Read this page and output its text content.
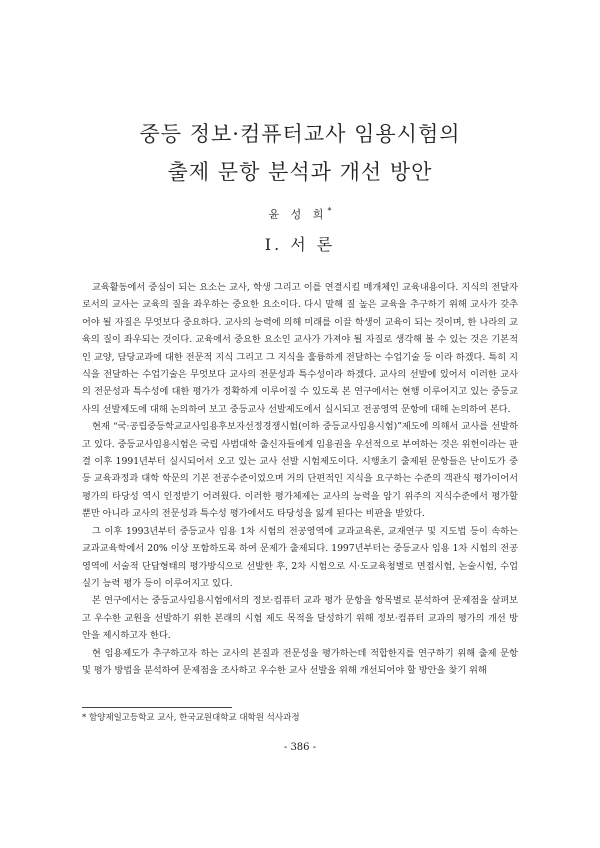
중등 정보·컴퓨터교사 임용시험의
출제 문항 분석과 개선 방안
윤 성 희*
Ⅰ. 서 론

교육활동에서 중심이 되는 요소는 교사, 학생 그리고 이를 연결시킬 매개체인 교육내용이다. 지식의 전달자로서의 교사는 교육의 질을 좌우하는 중요한 요소이다. 다시 말해 질 높은 교육을 추구하기 위해 교사가 갖추어야 될 자질은 무엇보다 중요하다. 교사의 능력에 의해 미래를 이끌 학생이 교육이 되는 것이며, 한 나라의 교육의 질이 좌우되는 것이다. 교육에서 중요한 요소인 교사가 가져야 될 자질로 생각해 볼 수 있는 것은 기본적인 교양, 담당교과에 대한 전문적 지식 그리고 그 지식을 훌륭하게 전달하는 수업기술 등 이라 하겠다. 특히 지식을 전달하는 수업기술은 무엇보다 교사의 전문성과 특수성이라 하겠다. 교사의 선발에 있어서 이러한 교사의 전문성과 특수성에 대한 평가가 정확하게 이루어질 수 있도록 본 연구에서는 현행 이루어지고 있는 중등교사의 선발제도에 대해 논의하여 보고 중등교사 선발제도에서 실시되고 전공영역 문항에 대해 논의하여 본다.

현재 “국·공립중등학교교사임용후보자선정경쟁시험(이하 중등교사임용시험)”제도에 의해서 교사를 선발하고 있다. 중등교사임용시험은 국립 사범대학 출신자들에게 임용권을 우선적으로 부여하는 것은 위헌이라는 판결 이후 1991년부터 실시되어서 오고 있는 교사 선발 시험제도이다. 시행초기 출제된 문항들은 난이도가 중등 교육과정과 대학 학문의 기본 전공수준이었으며 거의 단편적인 지식을 요구하는 수준의 객관식 평가이어서 평가의 타당성 역시 인정받기 어려웠다. 이러한 평가체제는 교사의 능력을 암기 위주의 지식수준에서 평가할 뿐만 아니라 교사의 전문성과 특수성 평가에서도 타당성을 잃게 된다는 비판을 받았다.

그 이후 1993년부터 중등교사 임용 1차 시험의 전공영역에 교과교육론, 교재연구 및 지도법 등이 속하는 교과교육학에서 20% 이상 포함하도록 하여 문제가 출제되다. 1997년부터는 중등교사 임용 1차 시험의 전공영역에 서술적 단답형태의 평가방식으로 선발한 후, 2차 시험으로 시·도교육청별로 면접시험, 논술시험, 수업 실기 능력 평가 등이 이루어지고 있다.

본 연구에서는 중등교사임용시험에서의 정보·컴퓨터 교과 평가 문항을 항목별로 분석하여 문제점을 살펴보고 우수한 교원을 선발하기 위한 본래의 시험 제도 목적을 달성하기 위해 정보·컴퓨터 교과의 평가의 개선 방안을 제시하고자 한다.

현 임용제도가 추구하고자 하는 교사의 본질과 전문성을 평가하는데 적합한지를 연구하기 위해 출제 문항 및 평가 방법을 분석하여 문제점을 조사하고 우수한 교사 선발을 위해 개선되어야 할 방안을 찾기 위해

* 함양제일고등학교 교사, 한국교원대학교 대학원 석사과정
- 386 -
